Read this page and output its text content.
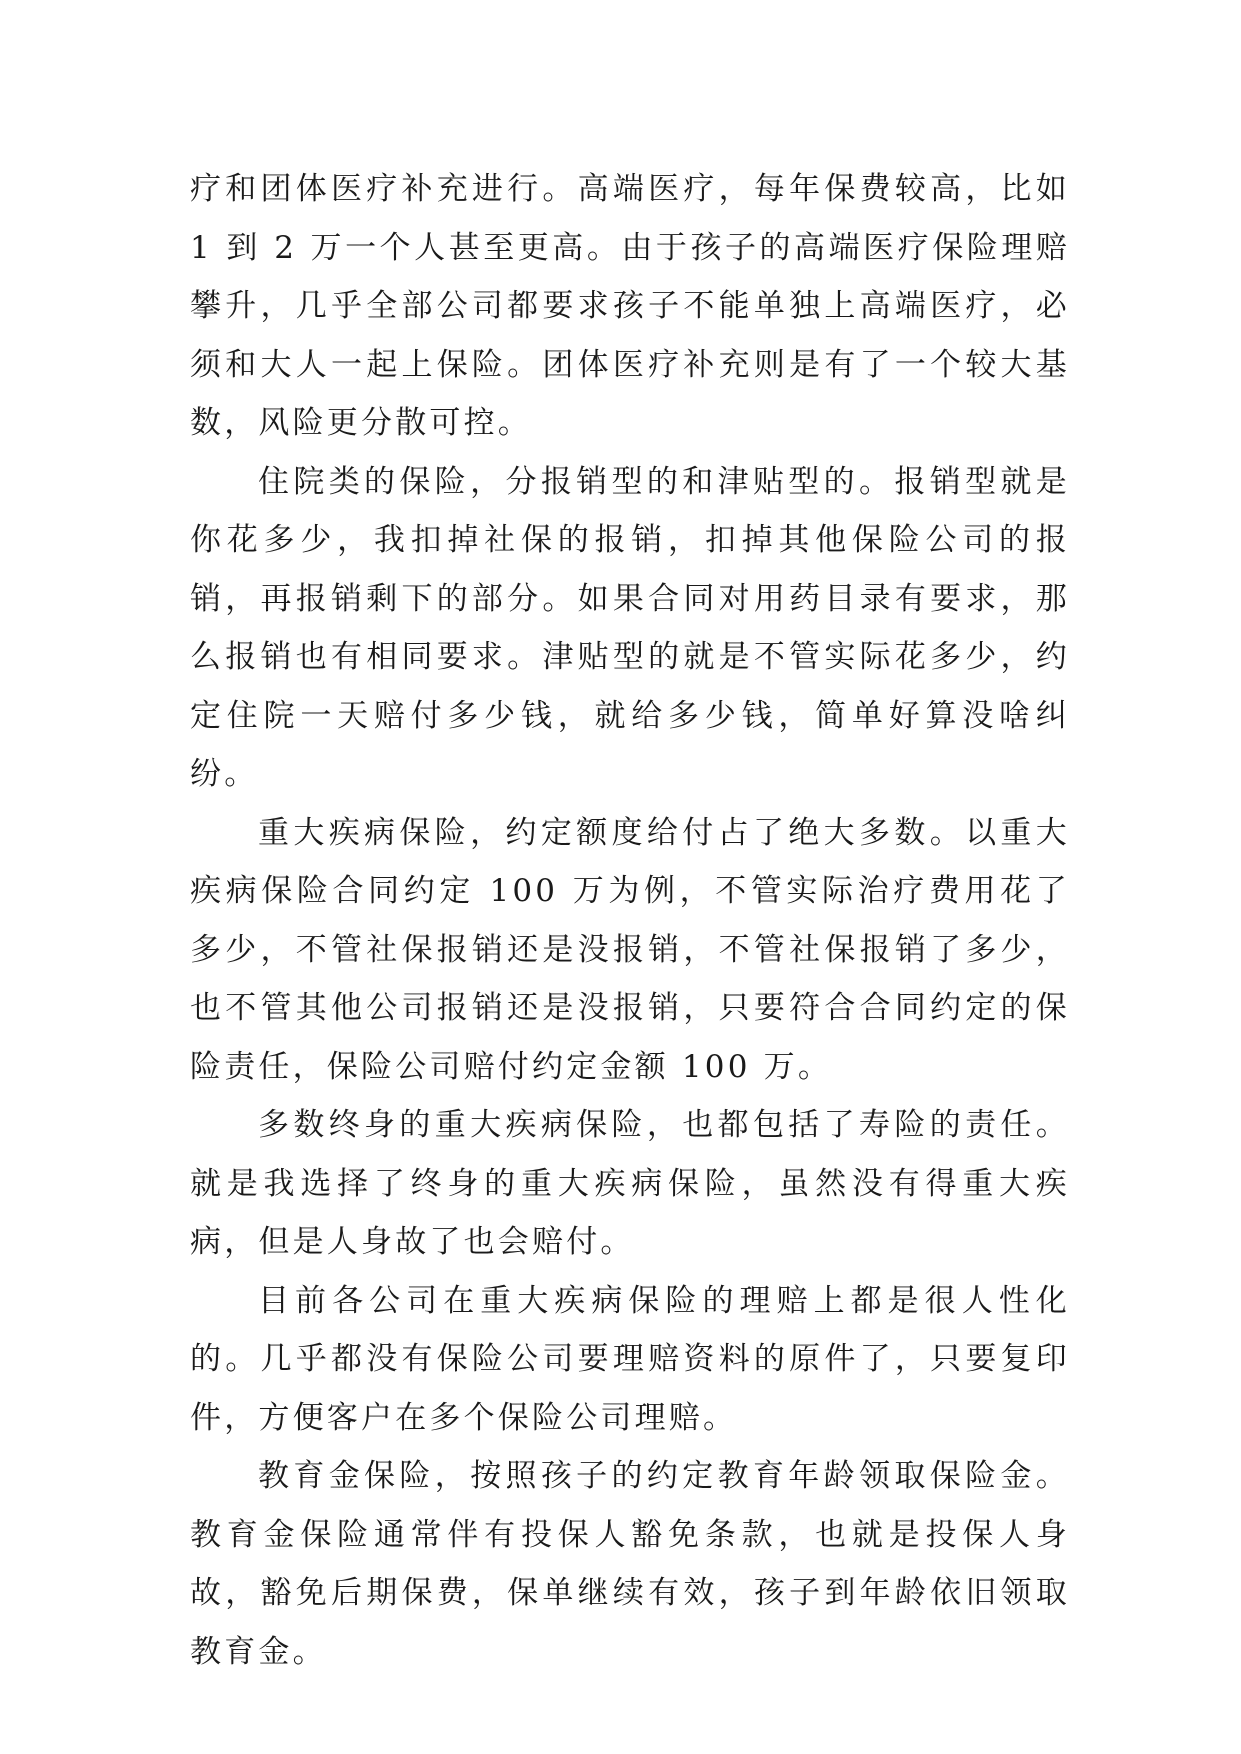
疗和团体医疗补充进行。高端医疗，每年保费较高，比如 1 到 2 万一个人甚至更高。由于孩子的高端医疗保险理赔攀升，几乎全部公司都要求孩子不能单独上高端医疗，必须和大人一起上保险。团体医疗补充则是有了一个较大基数，风险更分散可控。

住院类的保险，分报销型的和津贴型的。报销型就是你花多少，我扣掉社保的报销，扣掉其他保险公司的报销，再报销剩下的部分。如果合同对用药目录有要求，那么报销也有相同要求。津贴型的就是不管实际花多少，约定住院一天赔付多少钱，就给多少钱，简单好算没啥纠纷。

重大疾病保险，约定额度给付占了绝大多数。以重大疾病保险合同约定 100 万为例，不管实际治疗费用花了多少，不管社保报销还是没报销，不管社保报销了多少，也不管其他公司报销还是没报销，只要符合合同约定的保险责任，保险公司赔付约定金额 100 万。

多数终身的重大疾病保险，也都包括了寿险的责任。就是我选择了终身的重大疾病保险，虽然没有得重大疾病，但是人身故了也会赔付。

目前各公司在重大疾病保险的理赔上都是很人性化的。几乎都没有保险公司要理赔资料的原件了，只要复印件，方便客户在多个保险公司理赔。

教育金保险，按照孩子的约定教育年龄领取保险金。教育金保险通常伴有投保人豁免条款，也就是投保人身故，豁免后期保费，保单继续有效，孩子到年龄依旧领取教育金。
